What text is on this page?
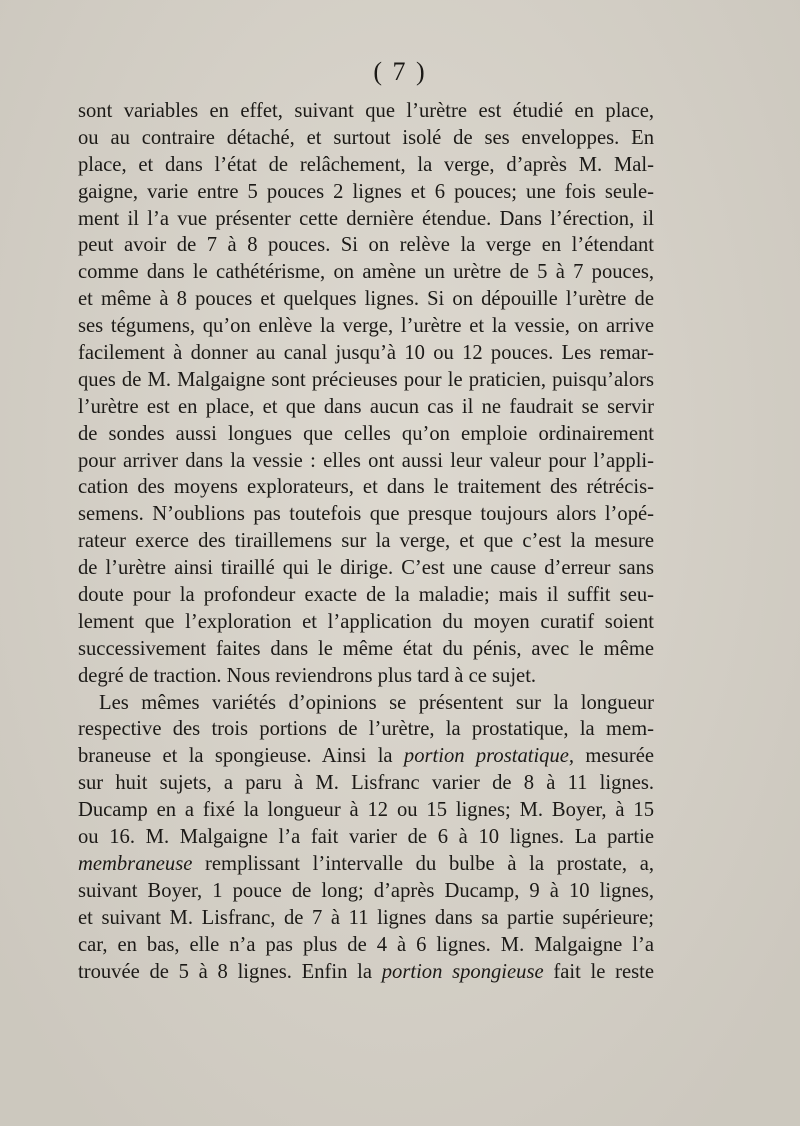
( 7 )
sont variables en effet, suivant que l’urètre est étudié en place,
ou au contraire détaché, et surtout isolé de ses enveloppes. En
place, et dans l’état de relâchement, la verge, d’après M. Mal-
gaigne, varie entre 5 pouces 2 lignes et 6 pouces; une fois seule-
ment il l’a vue présenter cette dernière étendue. Dans l’érection, il
peut avoir de 7 à 8 pouces. Si on relève la verge en l’étendant
comme dans le cathétérisme, on amène un urètre de 5 à 7 pouces,
et même à 8 pouces et quelques lignes. Si on dépouille l’urètre de
ses tégumens, qu’on enlève la verge, l’urètre et la vessie, on arrive
facilement à donner au canal jusqu’à 10 ou 12 pouces. Les remar-
ques de M. Malgaigne sont précieuses pour le praticien, puisqu’alors
l’urètre est en place, et que dans aucun cas il ne faudrait se servir
de sondes aussi longues que celles qu’on emploie ordinairement
pour arriver dans la vessie : elles ont aussi leur valeur pour l’appli-
cation des moyens explorateurs, et dans le traitement des rétrécis-
semens. N’oublions pas toutefois que presque toujours alors l’opé-
rateur exerce des tiraillemens sur la verge, et que c’est la mesure
de l’urètre ainsi tiraillé qui le dirige. C’est une cause d’erreur sans
doute pour la profondeur exacte de la maladie; mais il suffit seu-
lement que l’exploration et l’application du moyen curatif soient
successivement faites dans le même état du pénis, avec le même
degré de traction. Nous reviendrons plus tard à ce sujet.
Les mêmes variétés d’opinions se présentent sur la longueur
respective des trois portions de l’urètre, la prostatique, la mem-
braneuse et la spongieuse. Ainsi la portion prostatique, mesurée
sur huit sujets, a paru à M. Lisfranc varier de 8 à 11 lignes.
Ducamp en a fixé la longueur à 12 ou 15 lignes; M. Boyer, à 15
ou 16. M. Malgaigne l’a fait varier de 6 à 10 lignes. La partie
membraneuse remplissant l’intervalle du bulbe à la prostate, a,
suivant Boyer, 1 pouce de long; d’après Ducamp, 9 à 10 lignes,
et suivant M. Lisfranc, de 7 à 11 lignes dans sa partie supérieure;
car, en bas, elle n’a pas plus de 4 à 6 lignes. M. Malgaigne l’a
trouvée de 5 à 8 lignes. Enfin la portion spongieuse fait le reste
